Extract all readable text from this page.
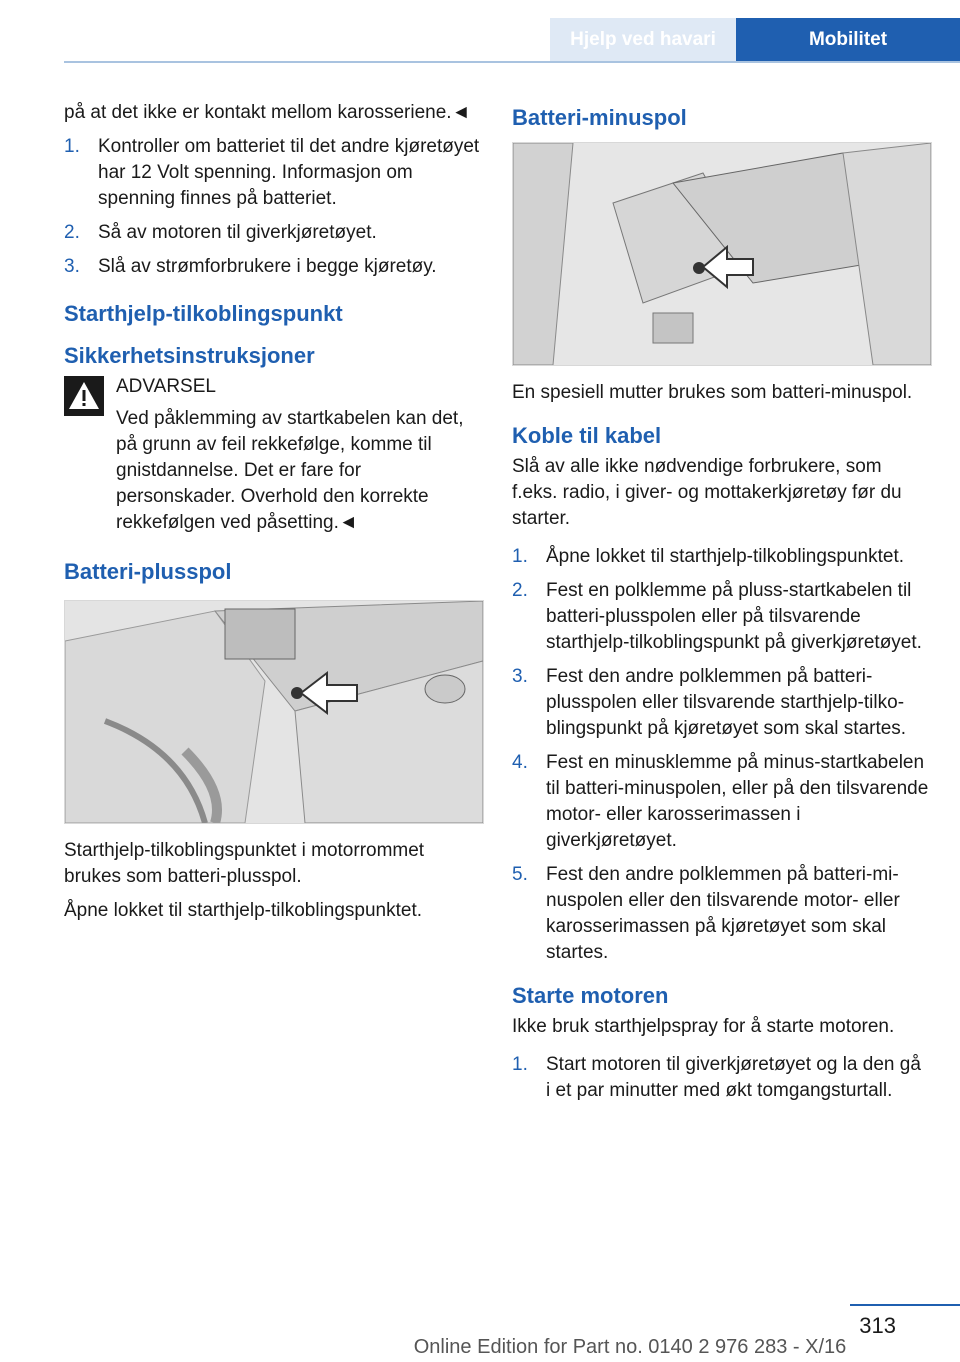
Hjelp ved havari	Mobilitet

på at det ikke er kontakt mellom karosseriene.◄

1. Kontroller om batteriet til det andre kjøretøyet har 12 Volt spenning. Informasjon om spenning finnes på batteriet.
2. Så av motoren til giverkjøretøyet.
3. Slå av strømforbrukere i begge kjøretøy.
Starthjelp-tilkoblingspunkt
Sikkerhetsinstruksjoner

ADVARSEL

Ved påklemming av startkabelen kan det, på grunn av feil rekkefølge, komme til gnistdannelse. Det er fare for personskader. Overhold den korrekte rekkefølgen ved påsetting.◄

Batteri-plusspol

Starthjelp-tilkoblingspunktet i motorrommet brukes som batteri-plusspol.

Åpne lokket til starthjelp-tilkoblingspunktet.

Batteri-minuspol

En spesiell mutter brukes som batteri-minuspol.

Koble til kabel

Slå av alle ikke nødvendige forbrukere, som f.eks. radio, i giver- og mottakerkjøretøy før du starter.

1. Åpne lokket til starthjelp-tilkoblingspunktet.
2. Fest en polklemme på pluss-startkabelen til batteri-plusspolen eller på tilsvarende starthjelp-tilkoblingspunkt på giverkjøretøyet.
3. Fest den andre polklemmen på batteri-plusspolen eller tilsvarende starthjelp-tilkoblingspunkt på kjøretøyet som skal startes.
4. Fest en minusklemme på minus-startkabelen til batteri-minuspolen, eller på den tilsvarende motor- eller karosserimassen i giverkjøretøyet.
5. Fest den andre polklemmen på batteri-minuspolen eller den tilsvarende motor- eller karosserimassen på kjøretøyet som skal startes.
Starte motoren

Ikke bruk starthjelpspray for å starte motoren.

1. Start motoren til giverkjøretøyet og la den gå i et par minutter med økt tomgangsturtall.
313
Online Edition for Part no. 0140 2 976 283 - X/16
